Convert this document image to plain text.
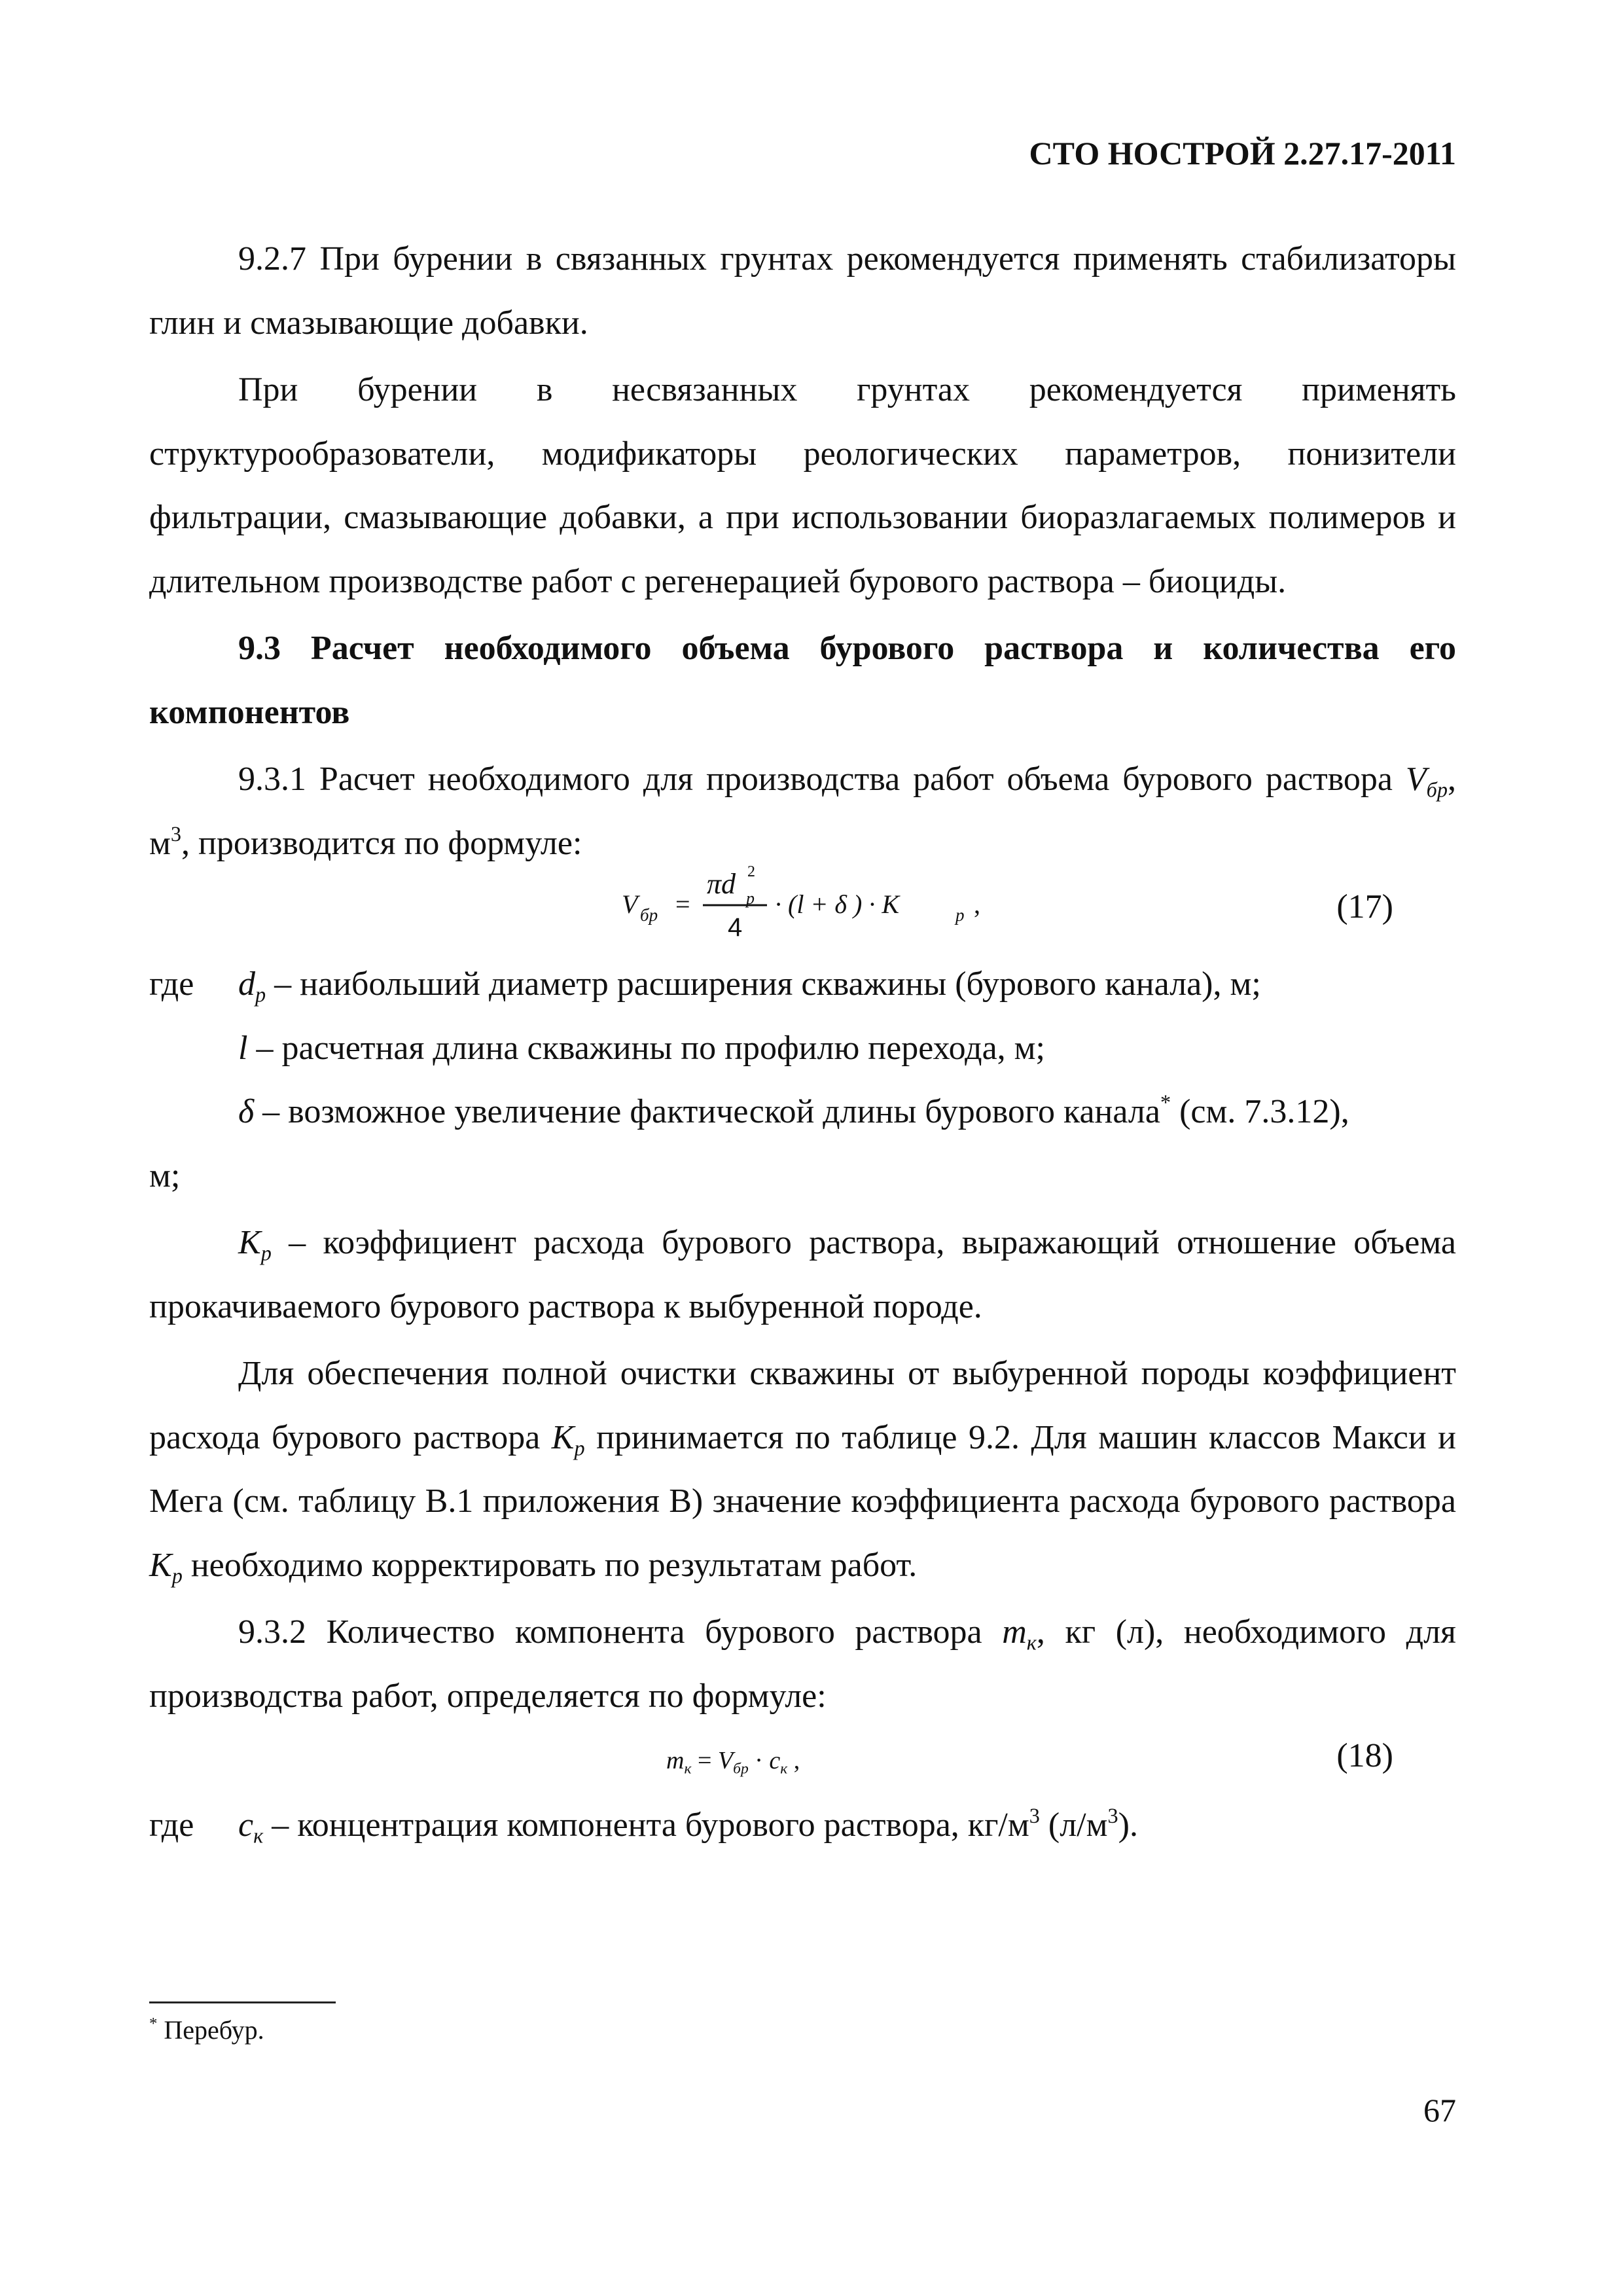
СТО НОСТРОЙ 2.27.17-2011

9.2.7 При бурении в связанных грунтах рекомендуется применять стабилизаторы глин и смазывающие добавки.

При бурении в несвязанных грунтах рекомендуется применять структурообразователи, модификаторы реологических параметров, понизители фильтрации, смазывающие добавки, а при использовании биоразлагаемых полимеров и длительном производстве работ с регенерацией бурового раствора – биоциды.

9.3 Расчет необходимого объема бурового раствора и количества его компонентов

9.3.1 Расчет необходимого для производства работ объема бурового раствора $V_{бр}$, $м^3$, производится по формуле:

V бр =
πd p
2
4
· (l + δ ) · K	p ,	(17)

где $d_p$ – наибольший диаметр расширения скважины (бурового канала), м;

l – расчетная длина скважины по профилю перехода, м;

δ – возможное увеличение фактической длины бурового канала* (см. 7.3.12),

м;

$K_p$ – коэффициент расхода бурового раствора, выражающий отношение объема прокачиваемого бурового раствора к выбуренной породе.

Для обеспечения полной очистки скважины от выбуренной породы коэффициент расхода бурового раствора $K_p$ принимается по таблице 9.2. Для машин классов Макси и Мега (см. таблицу В.1 приложения В) значение коэффициента расхода бурового раствора $K_p$ необходимо корректировать по результатам работ.

9.3.2 Количество компонента бурового раствора $m_к$, кг (л), необходимого для производства работ, определяется по формуле:

$m_к = V_{бр} \cdot c_к$ ,	(18)

где $c_к$ – концентрация компонента бурового раствора, $кг/м^3$ $(л/м^3)$.

* Перебур.
67
